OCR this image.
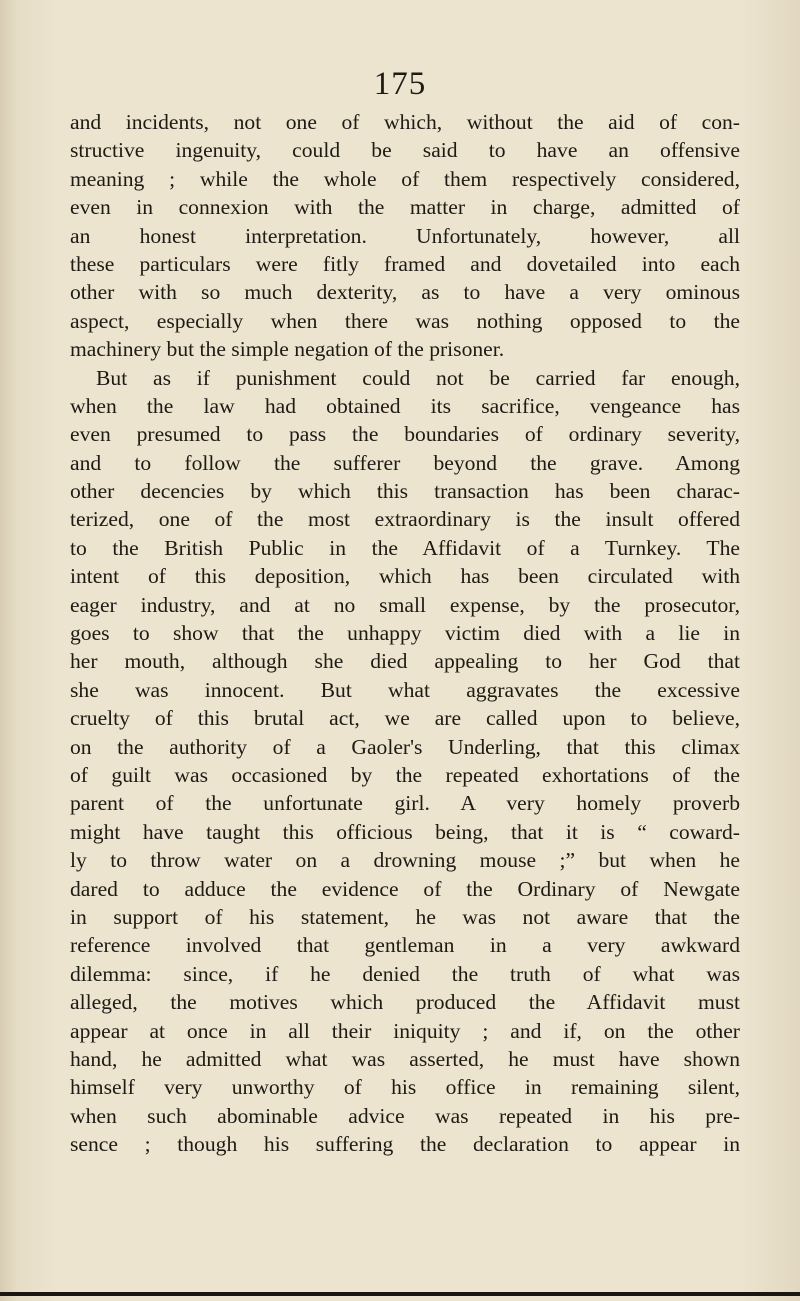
175
and incidents, not one of which, without the aid of con-
structive ingenuity, could be said to have an offensive
meaning ; while the whole of them respectively considered,
even in connexion with the matter in charge, admitted of
an honest interpretation. Unfortunately, however, all
these particulars were fitly framed and dovetailed into each
other with so much dexterity, as to have a very ominous
aspect, especially when there was nothing opposed to the
machinery but the simple negation of the prisoner.
But as if punishment could not be carried far enough,
when the law had obtained its sacrifice, vengeance has
even presumed to pass the boundaries of ordinary severity,
and to follow the sufferer beyond the grave. Among
other decencies by which this transaction has been charac-
terized, one of the most extraordinary is the insult offered
to the British Public in the Affidavit of a Turnkey. The
intent of this deposition, which has been circulated with
eager industry, and at no small expense, by the prosecutor,
goes to show that the unhappy victim died with a lie in
her mouth, although she died appealing to her God that
she was innocent. But what aggravates the excessive
cruelty of this brutal act, we are called upon to believe,
on the authority of a Gaoler's Underling, that this climax
of guilt was occasioned by the repeated exhortations of the
parent of the unfortunate girl. A very homely proverb
might have taught this officious being, that it is “ coward-
ly to throw water on a drowning mouse ;” but when he
dared to adduce the evidence of the Ordinary of Newgate
in support of his statement, he was not aware that the
reference involved that gentleman in a very awkward
dilemma: since, if he denied the truth of what was
alleged, the motives which produced the Affidavit must
appear at once in all their iniquity ; and if, on the other
hand, he admitted what was asserted, he must have shown
himself very unworthy of his office in remaining silent,
when such abominable advice was repeated in his pre-
sence ; though his suffering the declaration to appear in
